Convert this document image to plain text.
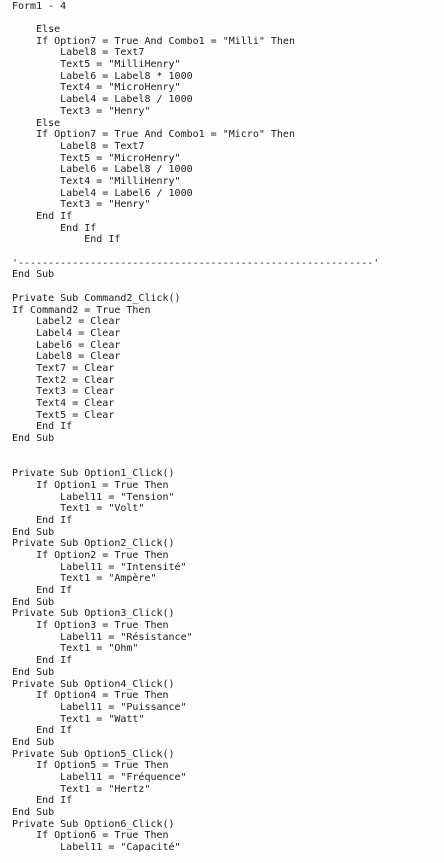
Form1 - 4
Else
If Option7 = True And Combo1 = "Milli" Then
Label8 = Text7
Text5 = "MilliHenry"
Label6 = Label8 * 1000
Text4 = "MicroHenry"
Label4 = Label8 / 1000
Text3 = "Henry"
Else
If Option7 = True And Combo1 = "Micro" Then
Label8 = Text7
Text5 = "MicroHenry"
Label6 = Label8 / 1000
Text4 = "MilliHenry"
Label4 = Label6 / 1000
Text3 = "Henry"
End If
End If
End If
'-----------------------------------------------------------'
End Sub
Private Sub Command2_Click()
If Command2 = True Then
Label2 = Clear
Label4 = Clear
Label6 = Clear
Label8 = Clear
Text7 = Clear
Text2 = Clear
Text3 = Clear
Text4 = Clear
Text5 = Clear
End If
End Sub
Private Sub Option1_Click()
If Option1 = True Then
Label11 = "Tension"
Text1 = "Volt"
End If
End Sub
Private Sub Option2_Click()
If Option2 = True Then
Label11 = "Intensité"
Text1 = "Ampère"
End If
End Sub
Private Sub Option3_Click()
If Option3 = True Then
Label11 = "Résistance"
Text1 = "Ohm"
End If
End Sub
Private Sub Option4_Click()
If Option4 = True Then
Label11 = "Puissance"
Text1 = "Watt"
End If
End Sub
Private Sub Option5_Click()
If Option5 = True Then
Label11 = "Fréquence"
Text1 = "Hertz"
End If
End Sub
Private Sub Option6_Click()
If Option6 = True Then
Label11 = "Capacité"
